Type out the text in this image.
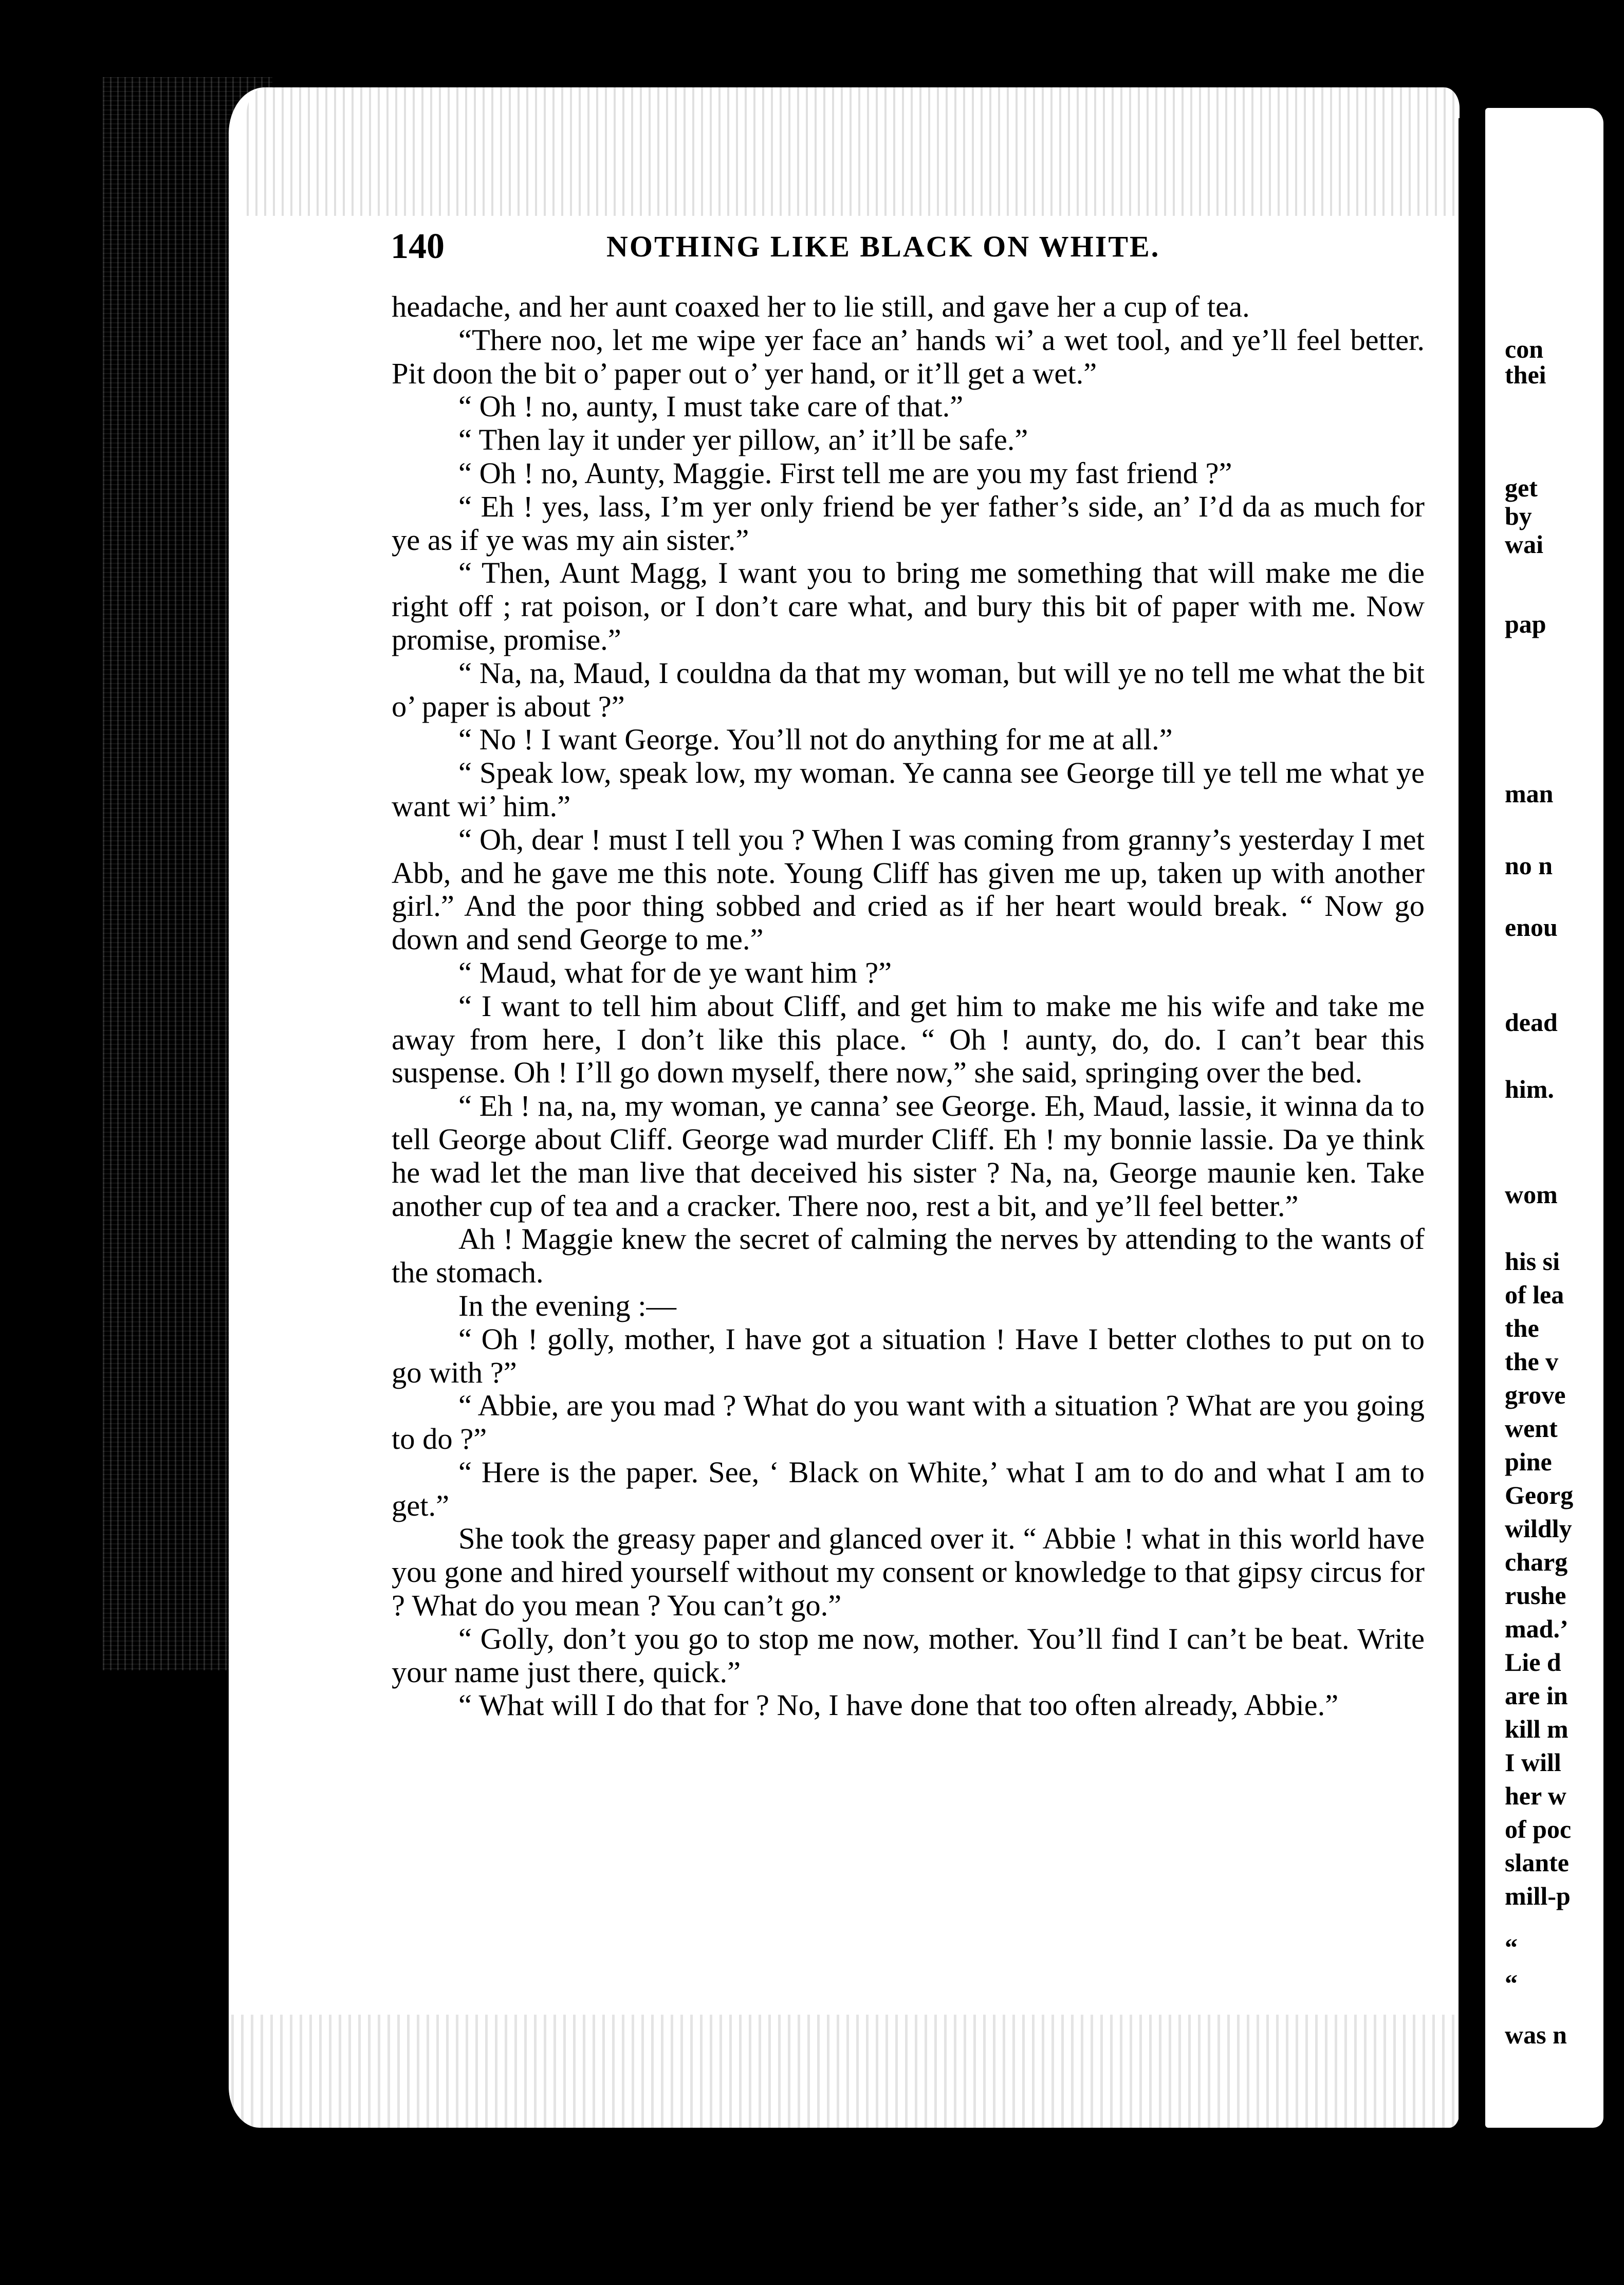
140	NOTHING LIKE BLACK ON WHITE.

headache, and her aunt coaxed her to lie still, and gave her a cup of tea.

“There noo, let me wipe yer face an’ hands wi’ a wet tool, and ye’ll feel better. Pit doon the bit o’ paper out o’ yer hand, or it’ll get a wet.”

“ Oh ! no, aunty, I must take care of that.”

“ Then lay it under yer pillow, an’ it’ll be safe.”

“ Oh ! no, Aunty, Maggie. First tell me are you my fast friend ?”

“ Eh ! yes, lass, I’m yer only friend be yer father’s side, an’ I’d da as much for ye as if ye was my ain sister.”

“ Then, Aunt Magg, I want you to bring me something that will make me die right off ; rat poison, or I don’t care what, and bury this bit of paper with me. Now promise, promise.”

“ Na, na, Maud, I couldna da that my woman, but will ye no tell me what the bit o’ paper is about ?”

“ No ! I want George. You’ll not do anything for me at all.”

“ Speak low, speak low, my woman. Ye canna see George till ye tell me what ye want wi’ him.”

“ Oh, dear ! must I tell you ? When I was coming from granny’s yesterday I met Abb, and he gave me this note. Young Cliff has given me up, taken up with another girl.” And the poor thing sobbed and cried as if her heart would break. “ Now go down and send George to me.”

“ Maud, what for de ye want him ?”

“ I want to tell him about Cliff, and get him to make me his wife and take me away from here, I don’t like this place. “ Oh ! aunty, do, do. I can’t bear this suspense. Oh ! I’ll go down myself, there now,” she said, springing over the bed.

“ Eh ! na, na, my woman, ye canna’ see George. Eh, Maud, lassie, it winna da to tell George about Cliff. George wad murder Cliff. Eh ! my bonnie lassie. Da ye think he wad let the man live that deceived his sister ? Na, na, George maunie ken. Take another cup of tea and a cracker. There noo, rest a bit, and ye’ll feel better.”

Ah ! Maggie knew the secret of calming the nerves by attending to the wants of the stomach.

In the evening :—

“ Oh ! golly, mother, I have got a situation ! Have I better clothes to put on to go with ?”

“ Abbie, are you mad ? What do you want with a situation ? What are you going to do ?”

“ Here is the paper. See, ‘ Black on White,’ what I am to do and what I am to get.”

She took the greasy paper and glanced over it. “ Abbie ! what in this world have you gone and hired yourself without my consent or knowledge to that gipsy circus for ? What do you mean ? You can’t go.”

“ Golly, don’t you go to stop me now, mother. You’ll find I can’t be beat. Write your name just there, quick.”

“ What will I do that for ? No, I have done that too often already, Abbie.”

con
thei
get
by
wai
pap
man
no n
enou
dead
him.
wom
his si
of lea
the
the v
grove
went
pine
Georg
wildly
charg
rushe
mad.’
Lie d
are in
kill m
I will
her w
of poc
slante
mill-p
“
“
was n
